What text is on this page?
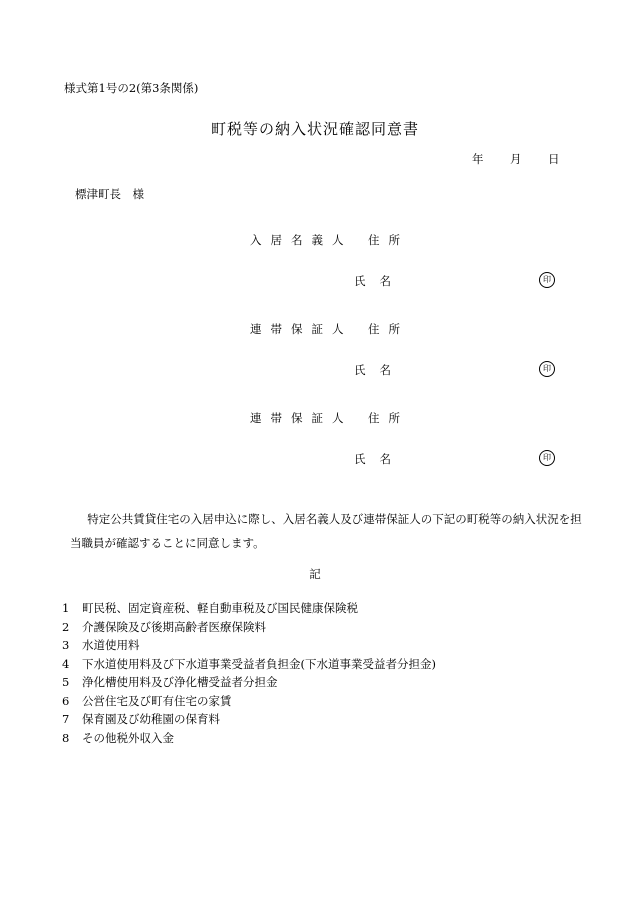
様式第1号の2(第3条関係)
町税等の納入状況確認同意書
年 月 日
標津町長　様
入居名義人 住所
氏名	印
連帯保証人 住所
氏名	印
連帯保証人 住所
氏名	印
特定公共賃貸住宅の入居申込に際し、入居名義人及び連帯保証人の下記の町税等の納入状況を担当職員が確認することに同意します。
記
1 町民税、固定資産税、軽自動車税及び国民健康保険税
2 介護保険及び後期高齢者医療保険料
3 水道使用料
4 下水道使用料及び下水道事業受益者負担金(下水道事業受益者分担金)
5 浄化槽使用料及び浄化槽受益者分担金
6 公営住宅及び町有住宅の家賃
7 保育園及び幼稚園の保育料
8 その他税外収入金
